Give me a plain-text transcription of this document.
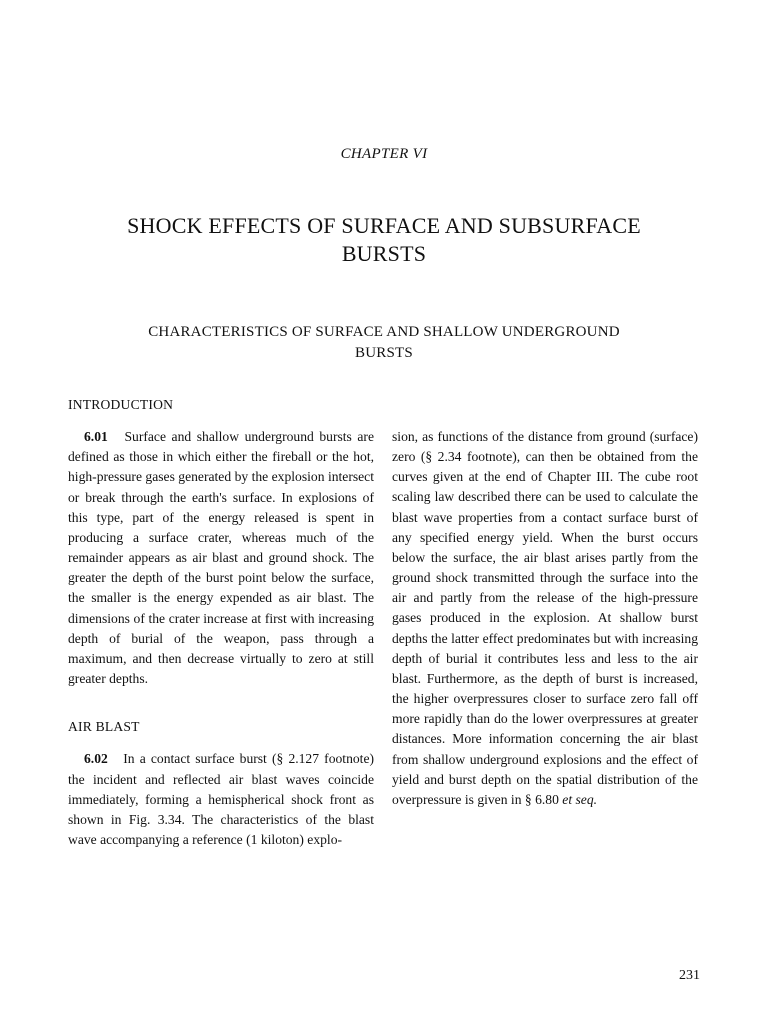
CHAPTER VI
SHOCK EFFECTS OF SURFACE AND SUBSURFACE
BURSTS
CHARACTERISTICS OF SURFACE AND SHALLOW UNDERGROUND
BURSTS
INTRODUCTION

6.01 Surface and shallow underground bursts are defined as those in which either the fireball or the hot, high-pressure gases generated by the explosion intersect or break through the earth's surface. In explosions of this type, part of the energy released is spent in producing a surface crater, whereas much of the remainder appears as air blast and ground shock. The greater the depth of the burst point below the surface, the smaller is the energy expended as air blast. The dimensions of the crater increase at first with increasing depth of burial of the weapon, pass through a maximum, and then decrease virtually to zero at still greater depths.

AIR BLAST

6.02 In a contact surface burst (§ 2.127 footnote) the incident and reflected air blast waves coincide immediately, forming a hemispherical shock front as shown in Fig. 3.34. The characteristics of the blast wave accompanying a reference (1 kiloton) explo-

sion, as functions of the distance from ground (surface) zero (§ 2.34 footnote), can then be obtained from the curves given at the end of Chapter III. The cube root scaling law described there can be used to calculate the blast wave properties from a contact surface burst of any specified energy yield. When the burst occurs below the surface, the air blast arises partly from the ground shock transmitted through the surface into the air and partly from the release of the high-pressure gases produced in the explosion. At shallow burst depths the latter effect predominates but with increasing depth of burial it contributes less and less to the air blast. Furthermore, as the depth of burst is increased, the higher overpressures closer to surface zero fall off more rapidly than do the lower overpressures at greater distances. More information concerning the air blast from shallow underground explosions and the effect of yield and burst depth on the spatial distribution of the overpressure is given in § 6.80 et seq.

231
